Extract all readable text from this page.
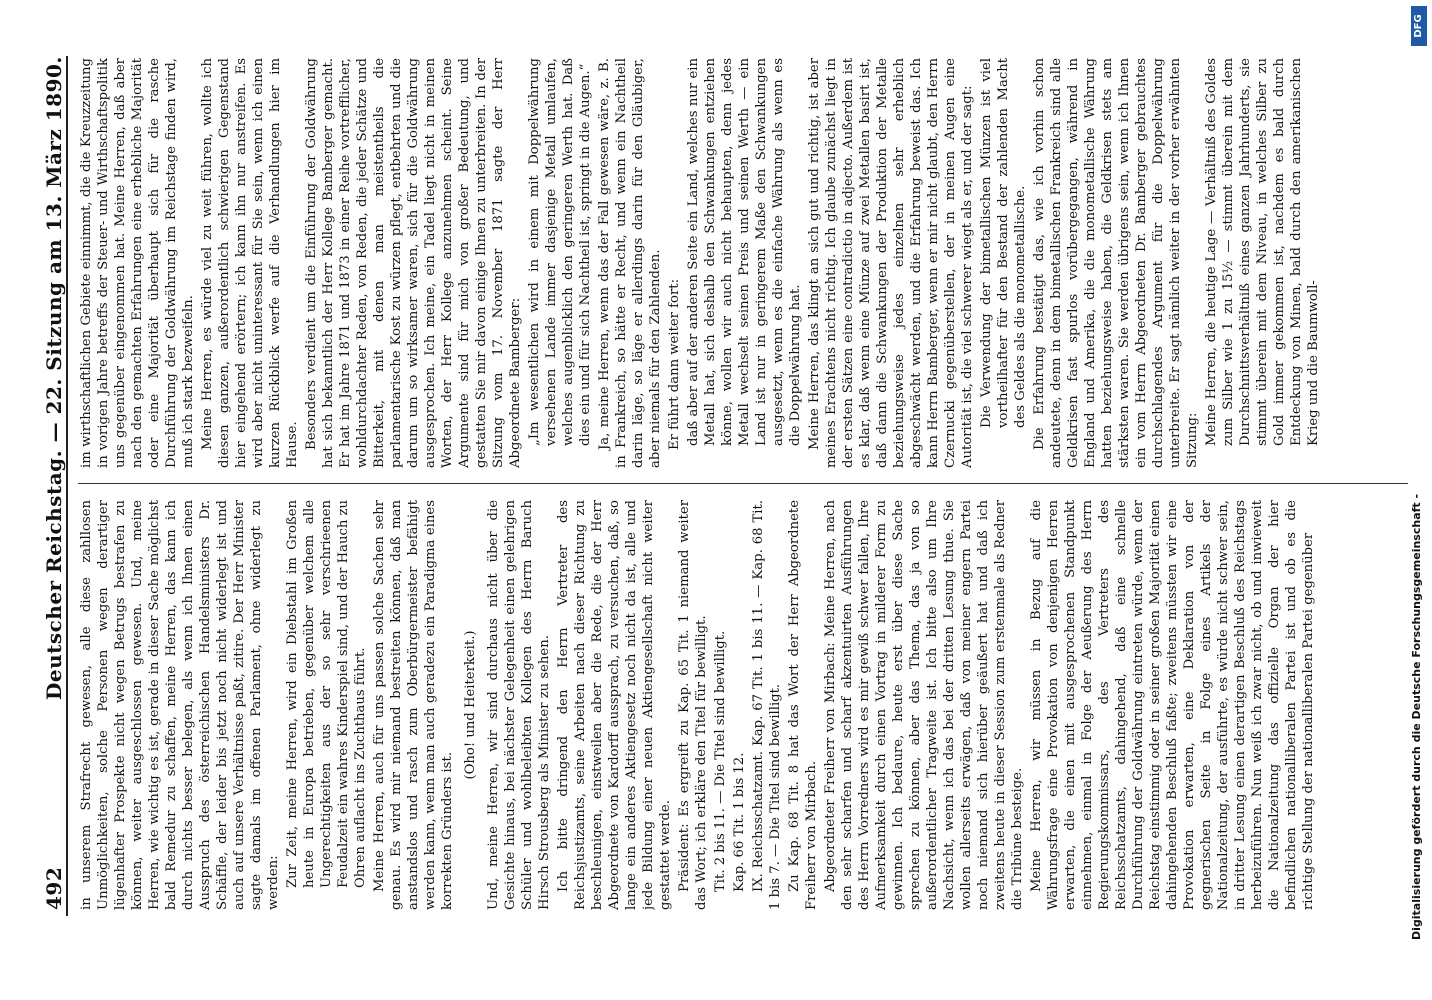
492
Deutscher Reichstag. — 22. Sitzung am 13. März 1890.

in unserem Strafrecht gewesen, alle diese zahllosen Unmöglichkeiten, solche Personen wegen derartiger lügenhafter Prospekte nicht wegen Betrugs bestrafen zu können, weiter ausgeschlossen gewesen. Und, meine Herren, wie wichtig es ist, gerade in dieser Sache möglichst bald Remedur zu schaffen, meine Herren, das kann ich durch nichts besser belegen, als wenn ich Ihnen einen Ausspruch des österreichischen Handelsministers Dr. Schäffle, der leider bis jetzt noch nicht widerlegt ist und auch auf unsere Verhältnisse paßt, zitire. Der Herr Minister sagte damals im offenen Parlament, ohne widerlegt zu werden: Zur Zeit, meine Herren, wird ein Diebstahl im Großen heute in Europa betrieben, gegenüber welchem alle Ungerechtigkeiten aus der so sehr verschrieenen Feudalzeit ein wahres Kinderspiel sind, und der Hauch zu Ohren auflacht ins Zuchthaus führt. Meine Herren, auch für uns passen solche Sachen sehr genau. Es wird mir niemand bestreiten können, daß man anstandslos und rasch zum Oberbürgermeister befähigt werden kann, wenn man auch geradezu ein Paradigma eines korrekten Gründers ist.

(Oho! und Heiterkeit.) Und, meine Herren, wir sind durchaus nicht über die Gesichte hinaus, bei nächster Gelegenheit einen gelehrigen Schüler und wohlbeleibten Kollegen des Herrn Baruch Hirsch Strousberg als Minister zu sehen. Ich bitte dringend den Herrn Vertreter des Reichsjustizamts, seine Arbeiten nach dieser Richtung zu beschleunigen, einstweilen aber die Rede, die der Herr Abgeordnete von Kardorff aussprach, zu versuchen, daß, so lange ein anderes Aktiengesetz noch nicht da ist, alle und jede Bildung einer neuen Aktiengesellschaft nicht weiter gestattet werde. Präsident: Es ergreift zu Kap. 65 Tit. 1 niemand weiter das Wort; ich erkläre den Titel für bewilligt. Tit. 2 bis 11. — Die Titel sind bewilligt. Kap. 66 Tit. 1 bis 12. IX. Reichsschatzamt. Kap. 67 Tit. 1 bis 11. — Kap. 68 Tit. 1 bis 7. — Die Titel sind bewilligt. Zu Kap. 68 Tit. 8 hat das Wort der Herr Abgeordnete Freiherr von Mirbach. Abgeordneter Freiherr von Mirbach: Meine Herren, nach den sehr scharfen und scharf akzentuirten Ausführungen des Herrn Vorredners wird es mir gewiß schwer fallen, Ihre Aufmerksamkeit durch einen Vortrag in milderer Form zu gewinnen. Ich bedaure, heute erst über diese Sache sprechen zu können, aber das Thema, das ja von so außerordentlicher Tragweite ist. Ich bitte also um Ihre Nachsicht, wenn ich das bei der dritten Lesung thue. Sie wollen allerseits erwägen, daß von meiner engern Partei noch niemand sich hierüber geäußert hat und daß ich zweitens heute in dieser Session zum erstenmale als Redner die Tribüne besteige. Meine Herren, wir müssen in Bezug auf die Währungsfrage eine Provokation von denjenigen Herren erwarten, die einen mit ausgesprochenen Standpunkt einnehmen, einmal in Folge der Aeußerung des Herrn Regierungskommissars, des Vertreters des Reichsschatzamts, dahingehend, daß eine schnelle Durchführung der Goldwährung eintreten würde, wenn der Reichstag einstimmig oder in seiner großen Majorität einen dahingehenden Beschluß faßte; zweitens müssten wir eine Provokation erwarten, eine Deklaration von der gegnerischen Seite in Folge eines Artikels der Nationalzeitung, der ausführte, es würde nicht schwer sein, in dritter Lesung einen derartigen Beschluß des Reichstags herbeizuführen. Nun weiß ich zwar nicht, ob und inwieweit die Nationalzeitung das offizielle Organ der hier befindlichen nationalliberalen Partei ist und ob es die richtige Stellung der nationalliberalen Partei gegenüber

im wirthschaftlichen Gebiete einnimmt, die die Kreuzzeitung in vorigen Jahre betreffs der Steuer- und Wirthschaftspolitik uns gegenüber eingenommen hat. Meine Herren, daß aber nach den gemachten Erfahrungen eine erhebliche Majorität oder eine Majorität überhaupt sich für die rasche Durchführung der Goldwährung im Reichstage finden wird, muß ich stark bezweifeln. Meine Herren, es würde viel zu weit führen, wollte ich diesen ganzen, außerordentlich schwierigen Gegenstand hier eingehend erörtern; ich kann ihn nur anstreifen. Es wird aber nicht uninteressant für Sie sein, wenn ich einen kurzen Rückblick werfe auf die Verhandlungen hier im Hause. Besonders verdient um die Einführung der Goldwährung hat sich bekanntlich der Herr Kollege Bamberger gemacht. Er hat im Jahre 1871 und 1873 in einer Reihe vortrefflicher, wohldurchdachter Reden, von Reden, die jeder Schätze und Bitterkeit, mit denen man meistentheils die parlamentarische Kost zu würzen pflegt, entbehrten und die darum um so wirksamer waren, sich für die Goldwährung ausgesprochen. Ich meine, ein Tadel liegt nicht in meinen Worten, der Herr Kollege anzunehmen scheint. Seine Argumente sind für mich von großer Bedeutung, und gestatten Sie mir davon einige Ihnen zu unterbreiten. In der Sitzung vom 17. November 1871 sagte der Herr Abgeordnete Bamberger: „Im wesentlichen wird in einem mit Doppelwährung versehenen Lande immer dasjenige Metall umlaufen, welches augenblicklich den geringeren Werth hat. Daß dies ein und für sich Nachtheil ist, springt in die Augen.“ Ja, meine Herren, wenn das der Fall gewesen wäre, z. B. in Frankreich, so hätte er Recht, und wenn ein Nachtheil darin läge, so läge er allerdings darin für den Gläubiger, aber niemals für den Zahlenden. Er führt dann weiter fort: daß aber auf der anderen Seite ein Land, welches nur ein Metall hat, sich deshalb den Schwankungen entziehen könne, wollen wir auch nicht behaupten, denn jedes Metall wechselt seinen Preis und seinen Werth — ein Land ist nur in geringerem Maße den Schwankungen ausgesetzt, wenn es die einfache Währung als wenn es die Doppelwährung hat. Meine Herren, das klingt an sich gut und richtig, ist aber meines Erachtens nicht richtig. Ich glaube zunächst liegt in der ersten Sätzen eine contradictio in adjecto. Außerdem ist es klar, daß wenn eine Münze auf zwei Metallen basirt ist, daß dann die Schwankungen der Produktion der Metalle beziehungsweise jedes einzelnen sehr erheblich abgeschwächt werden, und die Erfahrung beweist das. Ich kann Herrn Bamberger, wenn er mir nicht glaubt, den Herrn Czernucki gegenüberstellen, der in meinen Augen eine Autorität ist, die viel schwerer wiegt als er, und der sagt: Die Verwendung der bimetallischen Münzen ist viel vortheilhafter für den Bestand der zahlenden Macht des Geldes als die monometallische. Die Erfahrung bestätigt das, wie ich vorhin schon andeutete, denn in dem bimetallischen Frankreich sind alle Geldkrisen fast spurlos vorübergegangen, während in England und Amerika, die die monometallische Währung hatten beziehungsweise haben, die Geldkrisen stets am stärksten waren. Sie werden übrigens sein, wenn ich Ihnen ein vom Herrn Abgeordneten Dr. Bamberger gebrauchtes durchschlagendes Argument für die Doppelwährung unterbreite. Er sagt nämlich weiter in der vorher erwähnten Sitzung: Meine Herren, die heutige Lage — Verhältniß des Goldes zum Silber wie 1 zu 15½ — stimmt überein mit dem Durchschnittsverhältniß eines ganzen Jahrhunderts, sie stimmt überein mit dem Niveau, in welches Silber zu Gold immer gekommen ist, nachdem es bald durch Entdeckung von Minen, bald durch den amerikanischen Krieg und die Baumwoll-

Digitalisierung gefördert durch die Deutsche Forschungsgemeinschaft -
DFG
